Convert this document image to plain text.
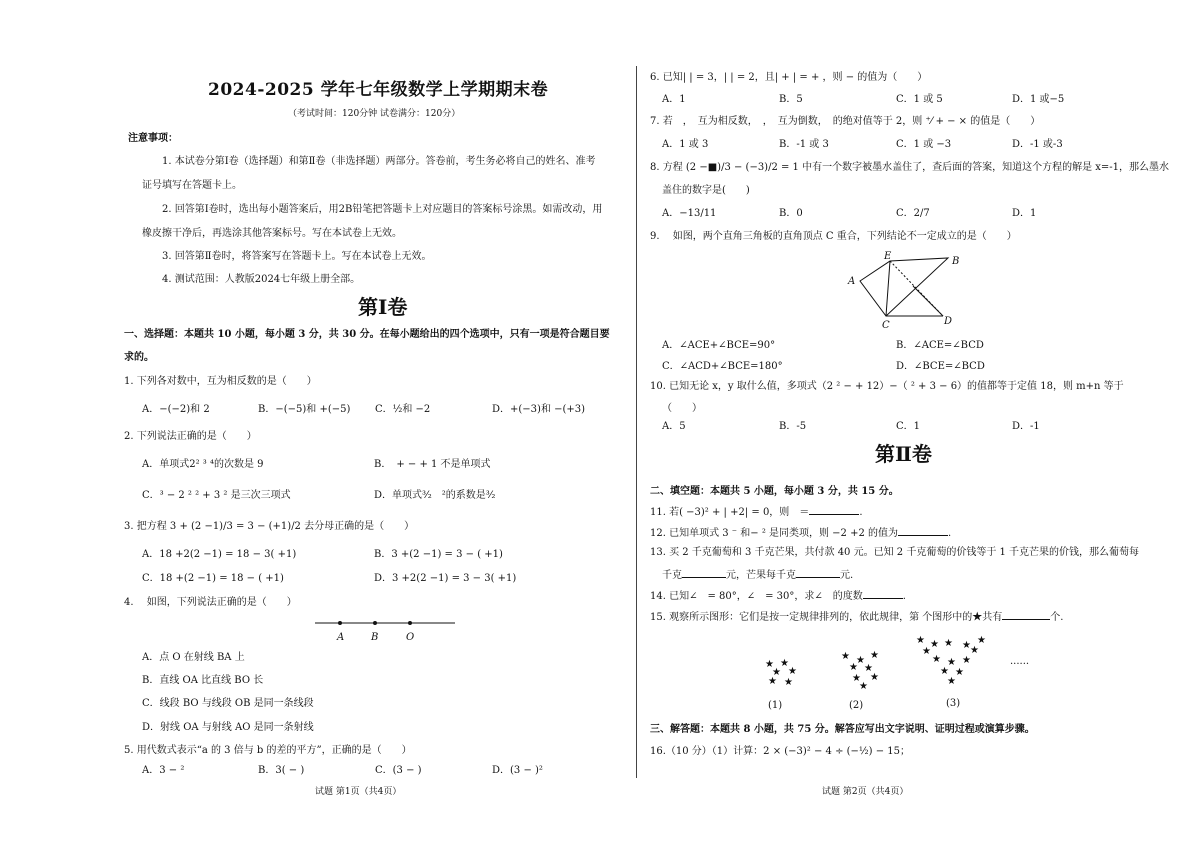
2024-2025 学年七年级数学上学期期末卷
（考试时间：120分钟 试卷满分：120分）
注意事项：
1. 本试卷分第Ⅰ卷（选择题）和第Ⅱ卷（非选择题）两部分。答卷前，考生务必将自己的姓名、准考
证号填写在答题卡上。
2. 回答第Ⅰ卷时，选出每小题答案后，用2B铅笔把答题卡上对应题目的答案标号涂黑。如需改动，用
橡皮擦干净后，再选涂其他答案标号。写在本试卷上无效。
3. 回答第Ⅱ卷时，将答案写在答题卡上。写在本试卷上无效。
4. 测试范围：人教版2024七年级上册全部。
第Ⅰ卷
一、选择题：本题共 10 小题，每小题 3 分，共 30 分。在每小题给出的四个选项中，只有一项是符合题目要
求的。
1. 下列各对数中，互为相反数的是（　　）
A．−(−2)和 2	B．−(−5)和 +(−5) C．½和 −2	D．+(−3)和 −(+3)
2. 下列说法正确的是（　　）
A．单项式2² ³ ⁴的次数是 9	B．　+ − + 1 不是单项式
C．³ − 2 ² ² + 3 ² 是三次三项式	D．单项式³⁄₂　²的系数是³⁄₂
3. 把方程 3 + (2 −1)/3 = 3 − (+1)/2 去分母正确的是（　　）
A．18 +2(2 −1) = 18 − 3( +1)	B．3 +(2 −1) = 3 − ( +1)
C．18 +(2 −1) = 18 − ( +1)	D．3 +2(2 −1) = 3 − 3( +1)
4. 　如图，下列说法正确的是（　　）
A	B	O
A．点 O 在射线 BA 上
B．直线 OA 比直线 BO 长
C．线段 BO 与线段 OB 是同一条线段
D．射线 OA 与射线 AO 是同一条射线
5. 用代数式表示“a 的 3 倍与 b 的差的平方”，正确的是（　　）
A．3 − ²	B．3( − )	C．(3 − )	D．(3 − )²
试题 第1页（共4页）
6. 已知| | = 3，| | = 2，且| + | = + ，则 − 的值为（　　）
A．1	B．5	C．1 或 5	D．1 或−5
7. 若　，　互为相反数，　，　互为倒数，　的绝对值等于 2，则 ⁺⁄ + − × 的值是（　　）
A．1 或 3	B．-1 或 3	C．1 或 −3	D．-1 或-3
8. 方程 (2 −■)/3 − (−3)/2 = 1 中有一个数字被墨水盖住了，查后面的答案，知道这个方程的解是 x=-1，那么墨水
盖住的数字是(　　)
A．−13/11	B．0	C．2/7	D．1
9. 　如图，两个直角三角板的直角顶点 C 重合，下列结论不一定成立的是（　　）
E	B
A
C	D
A．∠ACE+∠BCE=90°	B．∠ACE=∠BCD
C．∠ACD+∠BCE=180°	D．∠BCE=∠BCD
10. 已知无论 x，y 取什么值，多项式（2 ² − + 12）−（ ² + 3 − 6）的值都等于定值 18，则 m+n 等于
（　　）
A．5	B．-5	C．1	D．-1
第Ⅱ卷
二、填空题：本题共 5 小题，每小题 3 分，共 15 分。
11. 若( −3)² + | +2| = 0，则　＝	.
12. 已知单项式 3 ⁻ 和− ² 是同类项，则 −2 +2 的值为	.
13. 买 2 千克葡萄和 3 千克芒果，共付款 40 元。已知 2 千克葡萄的价钱等于 1 千克芒果的价钱，那么葡萄每
千克	元，芒果每千克	元.
14. 已知∠　= 80°，∠　= 30°，求∠　的度数	.
15. 观察所示图形：它们是按一定规律排列的，依此规律，第 个图形中的★共有	个.
★ ★
★ ★
★ ★
(1)
★ ★ ★
★ ★
★
★
★
(2)
★ ★ ★ ★ ★
★	★
★ ★ ★
★ ★
★
(3)
......
三、解答题：本题共 8 小题，共 75 分。解答应写出文字说明、证明过程或演算步骤。
16.（10 分）（1）计算：2 × (−3)² − 4 ÷ (−½) − 15；
试题 第2页（共4页）
